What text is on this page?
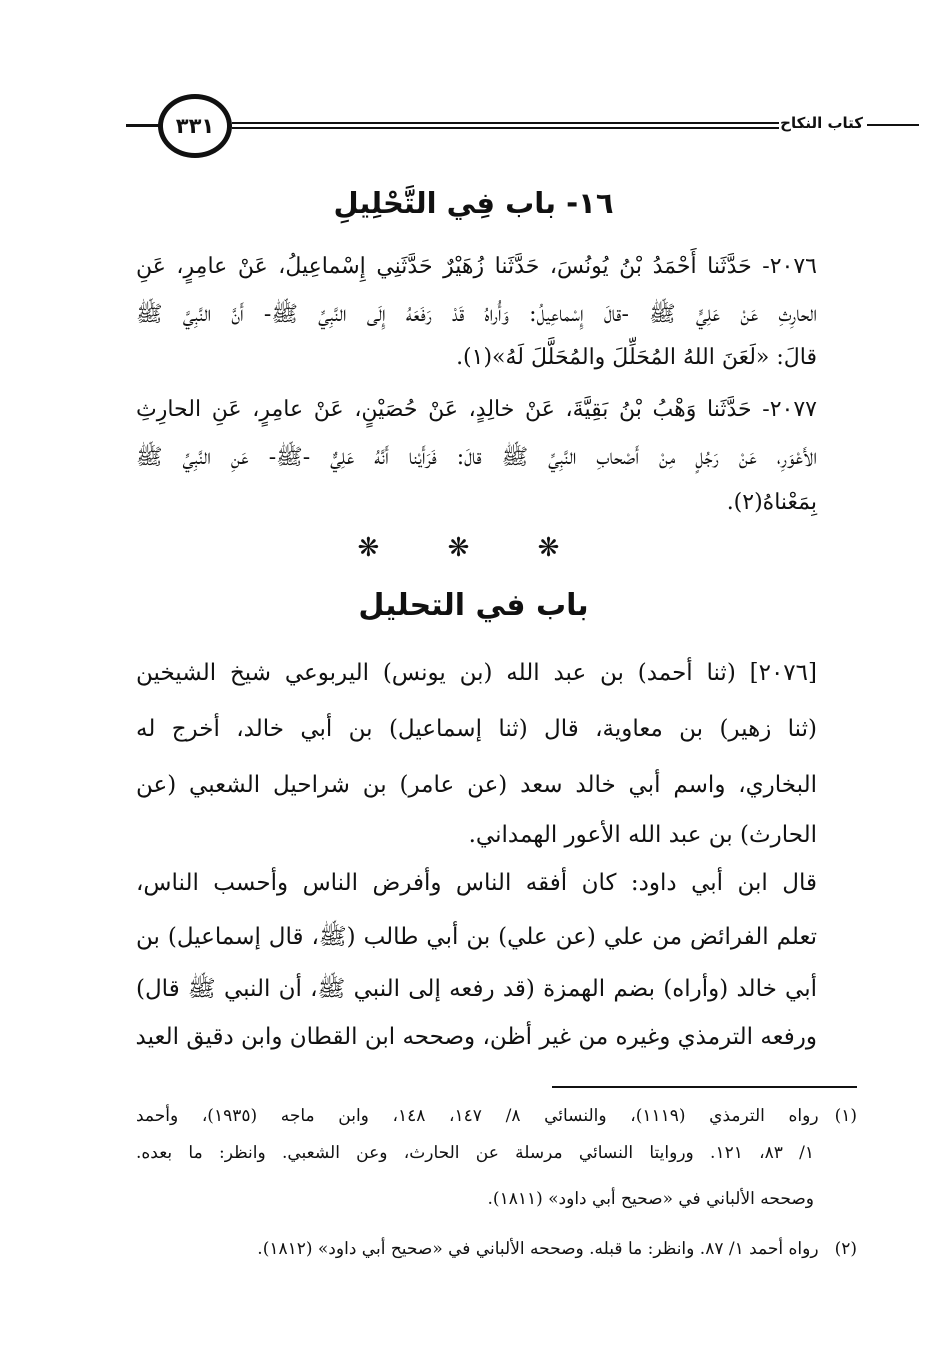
كتاب النكاح
٣٣١
١٦- باب فِي التَّحْلِيلِ
٢٠٧٦- حَدَّثَنا أَحْمَدُ بْنُ يُونُسَ، حَدَّثَنا زُهَيْرٌ حَدَّثَنِي إِسْماعِيلُ، عَنْ عامِرٍ، عَنِ
الحارِثِ عَنْ عَلِيٍّ ﷺ -قالَ إِسْماعِيلُ: وَأُراهُ قَدْ رَفَعَهُ إِلَى النَّبِيِّ ﷺ- أَنَّ النَّبِيَّ ﷺ
قالَ: «لَعَنَ اللهُ المُحَلِّلَ والمُحَلَّلَ لَهُ»(١).
٢٠٧٧- حَدَّثَنا وَهْبُ بْنُ بَقِيَّةَ، عَنْ خالِدٍ، عَنْ حُصَيْنٍ، عَنْ عامِرٍ، عَنِ الحارِثِ
الأَعْوَرِ، عَنْ رَجُلٍ مِنْ أَصْحابِ النَّبِيِّ ﷺ قالَ: فَرَأَيْنا أَنَّهُ عَلِيٌّ -ﷺ- عَنِ النَّبِيِّ ﷺ
بِمَعْناهُ(٢).
❋ ❋ ❋
باب في التحليل
[٢٠٧٦] (ثنا أحمد) بن عبد الله (بن يونس) اليربوعي شيخ الشيخين
(ثنا زهير) بن معاوية، قال (ثنا إسماعيل) بن أبي خالد، أخرج له
البخاري، واسم أبي خالد سعد (عن عامر) بن شراحيل الشعبي (عن
الحارث) بن عبد الله الأعور الهمداني.
قال ابن أبي داود: كان أفقه الناس وأفرض الناس وأحسب الناس،
تعلم الفرائض من علي (عن علي) بن أبي طالب (ﷺ، قال إسماعيل) بن
أبي خالد (وأراه) بضم الهمزة (قد رفعه إلى النبي ﷺ، أن النبي ﷺ قال)
ورفعه الترمذي وغيره من غير أظن، وصححه ابن القطان وابن دقيق العيد
(١)رواه الترمذي (١١١٩)، والنسائي ٨/ ١٤٧، ١٤٨، وابن ماجه (١٩٣٥)، وأحمد
١/ ٨٣، ١٢١. وروايتا النسائي مرسلة عن الحارث، وعن الشعبي. وانظر: ما بعده.
وصححه الألباني في «صحيح أبي داود» (١٨١١).
(٢)رواه أحمد ١/ ٨٧. وانظر: ما قبله. وصححه الألباني في «صحيح أبي داود» (١٨١٢).
